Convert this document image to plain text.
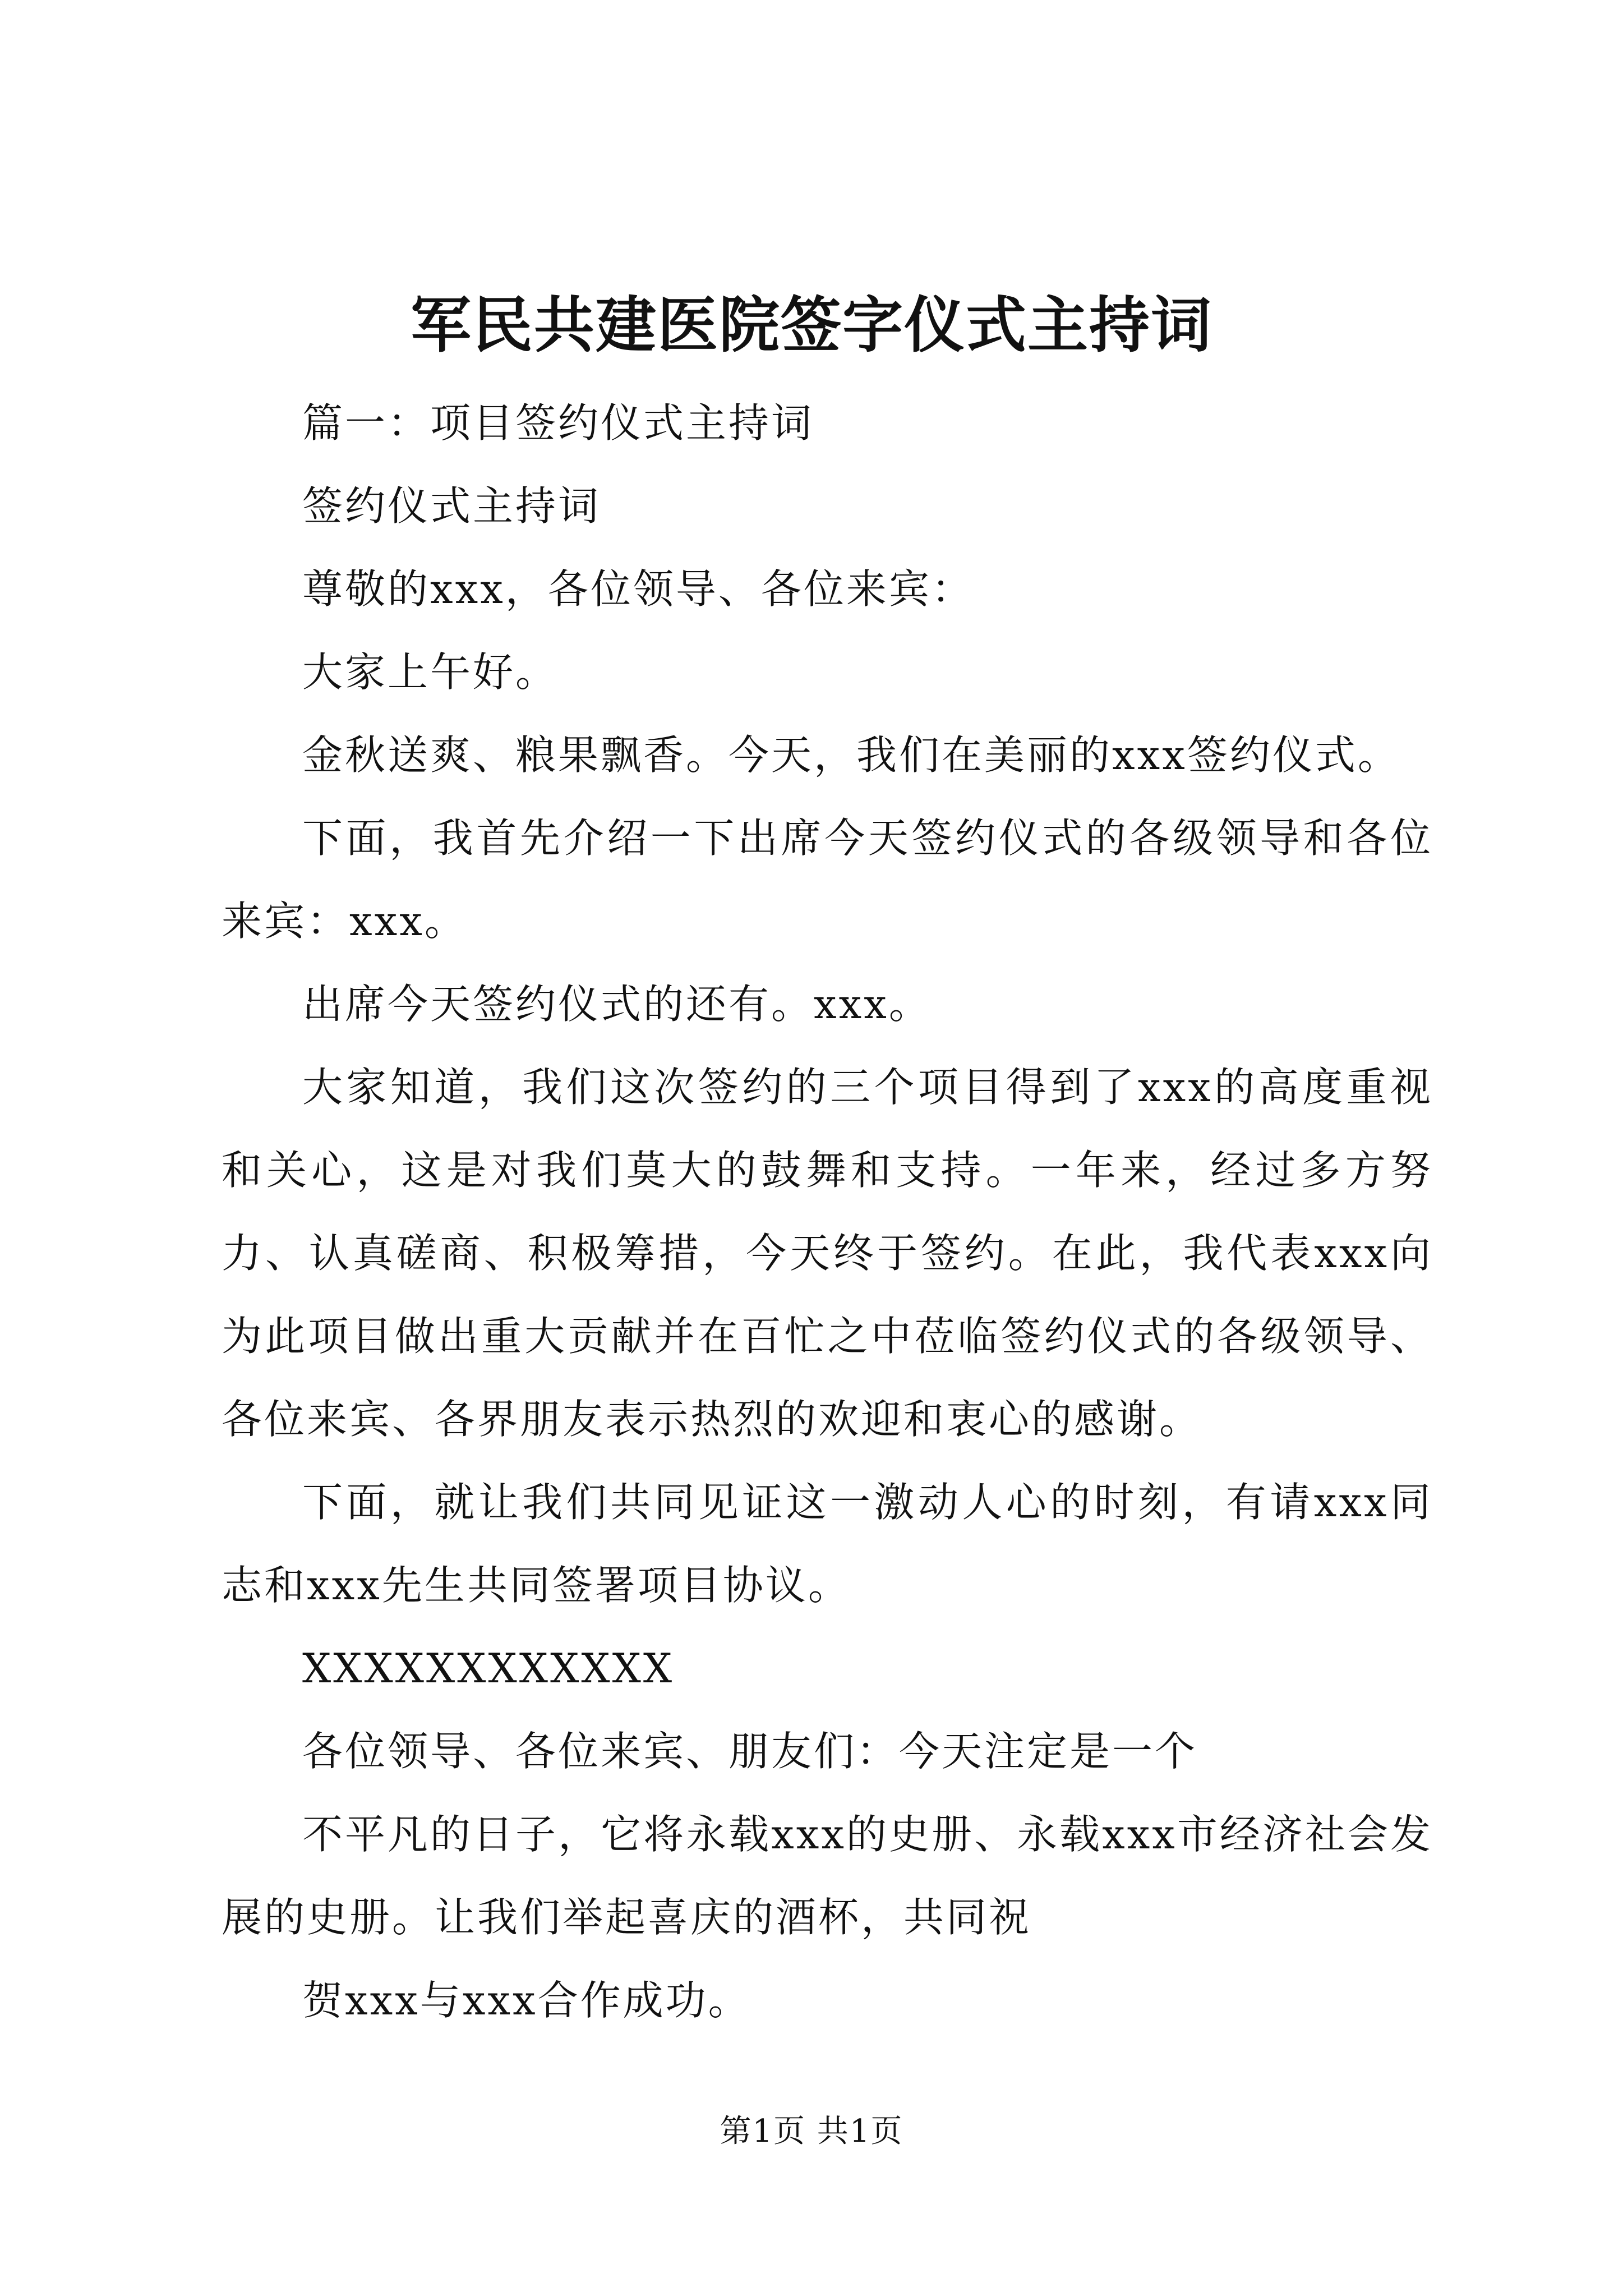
军民共建医院签字仪式主持词

篇一：项目签约仪式主持词

签约仪式主持词

尊敬的xxx，各位领导、各位来宾：

大家上午好。

金秋送爽、粮果飘香。今天，我们在美丽的xxx签约仪式。

下面，我首先介绍一下出席今天签约仪式的各级领导和各位来宾：xxx。

出席今天签约仪式的还有。xxx。

大家知道，我们这次签约的三个项目得到了xxx的高度重视和关心，这是对我们莫大的鼓舞和支持。一年来，经过多方努力、认真磋商、积极筹措，今天终于签约。在此，我代表xxx向为此项目做出重大贡献并在百忙之中莅临签约仪式的各级领导、各位来宾、各界朋友表示热烈的欢迎和衷心的感谢。

下面，就让我们共同见证这一激动人心的时刻，有请xxx同志和xxx先生共同签署项目协议。

XXXXXXXXXXXX

各位领导、各位来宾、朋友们：今天注定是一个

不平凡的日子，它将永载xxx的史册、永载xxx市经济社会发展的史册。让我们举起喜庆的酒杯，共同祝

贺xxx与xxx合作成功。

第1页 共1页
